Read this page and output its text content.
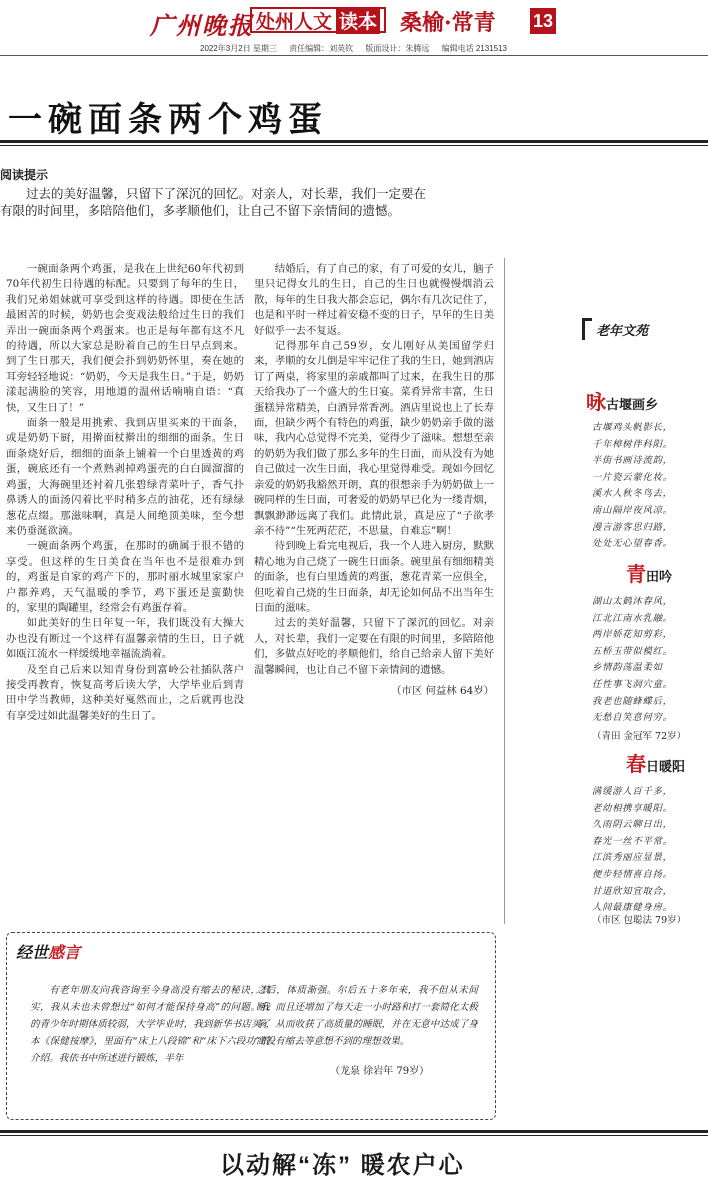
广州晚报 处州人文 读本 桑榆·常青 13
2022年3月2日 星期三 责任编辑：刘英钦 版面设计：朱腾远 编辑电话 2131513
一碗面条两个鸡蛋
阅读提示
过去的美好温馨，只留下了深沉的回忆。对亲人，对长辈，我们一定要在有限的时间里，多陪陪他们，多孝顺他们，让自己不留下亲情间的遗憾。

一碗面条两个鸡蛋，是我在上世纪60年代初到70年代初生日待遇的标配。只要到了每年的生日，我们兄弟姐妹就可享受到这样的待遇。即使在生活最困苦的时候，奶奶也会变戏法般给过生日的我们弄出一碗面条两个鸡蛋来。也正是每年都有这不凡的待遇，所以大家总是盼着自己的生日早点到来。到了生日那天，我们便会扑到奶奶怀里，奏在她的耳旁轻轻地说：“奶奶，今天是我生日。”于是，奶奶漾起满脸的笑容，用地道的温州话喃喃自语：“真快，又生日了！”

面条一般是用挑索、我到店里买来的干面条，或是奶奶下厨，用擀面杖擀出的细细的面条。生日面条烧好后，细细的面条上铺着一个白里透黄的鸡蛋，碗底还有一个煮熟剥掉鸡蛋壳的白白圆溜溜的鸡蛋，大海碗里还衬着几张碧绿青菜叶子，香气扑鼻诱人的面汤闪着比平时稍多点的油花，还有绿绿葱花点缀。那滋味啊，真是人间绝顶美味，至今想来仍垂涎欲滴。

一碗面条两个鸡蛋，在那时的确属于很不错的享受。但这样的生日美食在当年也不是很难办到的，鸡蛋是自家的鸡产下的，那时丽水城里家家户户都养鸡，天气温暖的季节，鸡下蛋还是蛮勤快的，家里的陶罐里，经常会有鸡蛋存着。

如此美好的生日年复一年，我们既没有大操大办也没有断过一个这样有温馨亲情的生日，日子就如瓯江流水一样缓缓地幸福流淌着。

及至自己后来以知青身份到富岭公社插队落户接受再教育，恢复高考后读大学，大学毕业后到青田中学当教师，这种美好戛然而止，之后就再也没有享受过如此温馨美好的生日了。

结婚后，有了自己的家，有了可爱的女儿，脑子里只记得女儿的生日，自己的生日也就慢慢烟消云散，每年的生日我大都会忘记，偶尔有几次记住了，也是和平时一样过着安稳不变的日子，早年的生日美好似乎一去不复返。

记得那年自己59岁，女儿刚好从美国留学归来，孝顺的女儿倒是牢牢记住了我的生日，她到酒店订了两桌，将家里的亲戚都叫了过来，在我生日的那天给我办了一个盛大的生日宴。菜肴异常丰富，生日蛋糕异常精美，白酒异常香冽。酒店里说也上了长寿面，但缺少两个有特色的鸡蛋，缺少奶奶亲手做的滋味，我内心总觉得不完美，觉得少了滋味。想想至亲的奶奶为我们做了那么多年的生日面，而从没有为她自己做过一次生日面，我心里觉得难受。现如今回忆亲爱的奶奶我豁然开朗，真的很想亲手为奶奶做上一碗同样的生日面，可奢爱的奶奶早已化为一缕青烟，飘飘渺渺远离了我们。此情此景，真是应了“子欲孝亲不待”“生死两茫茫，不思量，自难忘”啊！

待到晚上看完电视后，我一个人进入厨房，默默精心地为自己烧了一碗生日面条。碗里虽有细细精美的面条，也有白里透黄的鸡蛋，葱花青菜一应俱全，但吃着自己烧的生日面条，却无论如何品不出当年生日面的滋味。

过去的美好温馨，只留下了深沉的回忆。对亲人，对长辈，我们一定要在有限的时间里，多陪陪他们，多做点好吃的孝顺他们，给自己给亲人留下美好温馨瞬间，也让自己不留下亲情间的遗憾。

（市区 何益林 64岁）
老年文苑
咏古堰画乡
古堰鸡头帆影长，
千年樟树伴科阳。
半街书画诗流韵，
一片瓷云蒙化妆。
溪水人秋冬鸟去，
南山隔岸夜风凉。
漫言游客思归路，
处处无心望春香。
青田吟
湖山太鹤沐春风，
江北江南水乳融。
两岸娇花知剪彩，
五桥玉带似模红。
乡情韵荡温柔如
任性事飞洞穴童。
我老也随蜂蝶后，
无愁自笑意何穷。
（青田 金冠军 72岁）
春日暖阳
满缓游人百千多，
老幼相携享暖阳。
久雨阴云聊日出，
春光一丝不平常。
江滨秀丽应显景，
便步轻情喜自扬。
甘道欣知宜取合，
人间最康健身房。
（市区 包聪法 79岁）
经世感言
有老年朋友向我咨询至今身高没有缩去的秘诀，其实，我从未也未曾想过“如何才能保持身高”的问题。我的青少年时期体质较弱，大学毕业时，我到新华书店买了本《保健按摩》，里面有“床上八段锦”和“床下六段功”的介绍。我依书中所述进行锻炼，半年
之后，体质渐强。尔后五十多年来，我不但从未间断，而且还增加了每天走一小时路和打一套简化太极拳，从而收获了高质量的睡眠，并在无意中达成了身高没有缩去等意想不到的理想效果。
（龙泉 徐岩年 79岁）
以动解“冻” 暖农户心
